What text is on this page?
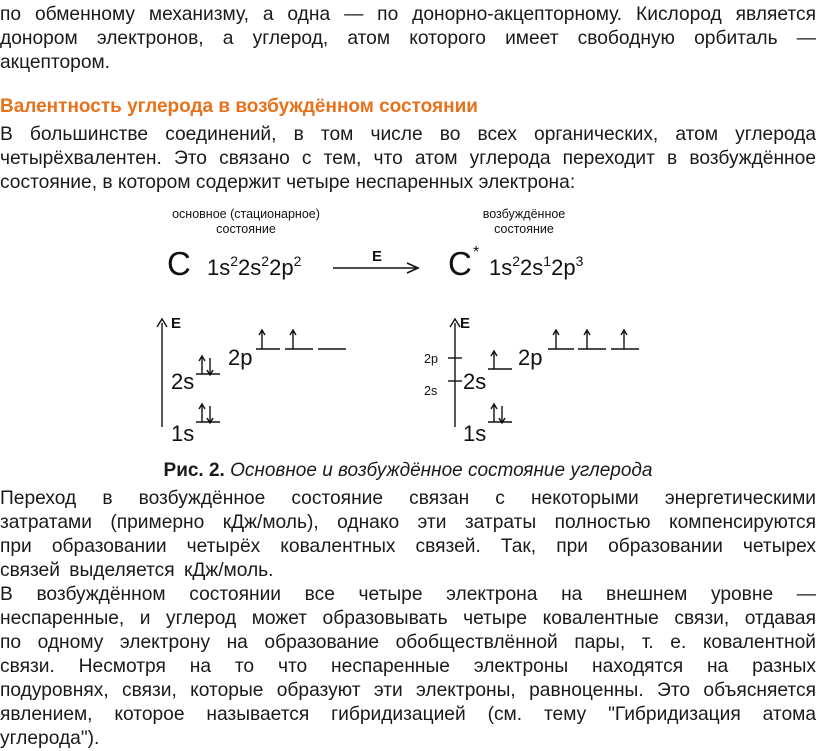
по обменному механизму, а одна — по донорно-акцепторному. Кислород является

донором электронов, а углерод, атом которого имеет свободную орбиталь —

акцептором.

Валентность углерода в возбуждённом состоянии

В большинстве соединений, в том числе во всех органических, атом углерода

четырёхвалентен. Это связано с тем, что атом углерода переходит в возбуждённое

состояние, в котором содержит четыре неспаренных электрона:

основное (стационарное)
состояние
возбуждённое
состояние
C $1s^22s^22p^2$	E C *
$1s^22s^12p^3$
E
1s
2s
2p
E
2p
2s
1s
2s
2p
Рис. 2. Основное и возбуждённое состояние углерода

Переход в возбуждённое состояние связан с некоторыми энергетическими

затратами (примерно кДж/моль), однако эти затраты полностью компенсируются

при образовании четырёх ковалентных связей. Так, при образовании четырех

связей выделяется кДж/моль.

В возбуждённом состоянии все четыре электрона на внешнем уровне —

неспаренные, и углерод может образовывать четыре ковалентные связи, отдавая

по одному электрону на образование обобществлённой пары, т. е. ковалентной

связи. Несмотря на то что неспаренные электроны находятся на разных

подуровнях, связи, которые образуют эти электроны, равноценны. Это объясняется

явлением, которое называется гибридизацией (см. тему "Гибридизация атома

углерода").
